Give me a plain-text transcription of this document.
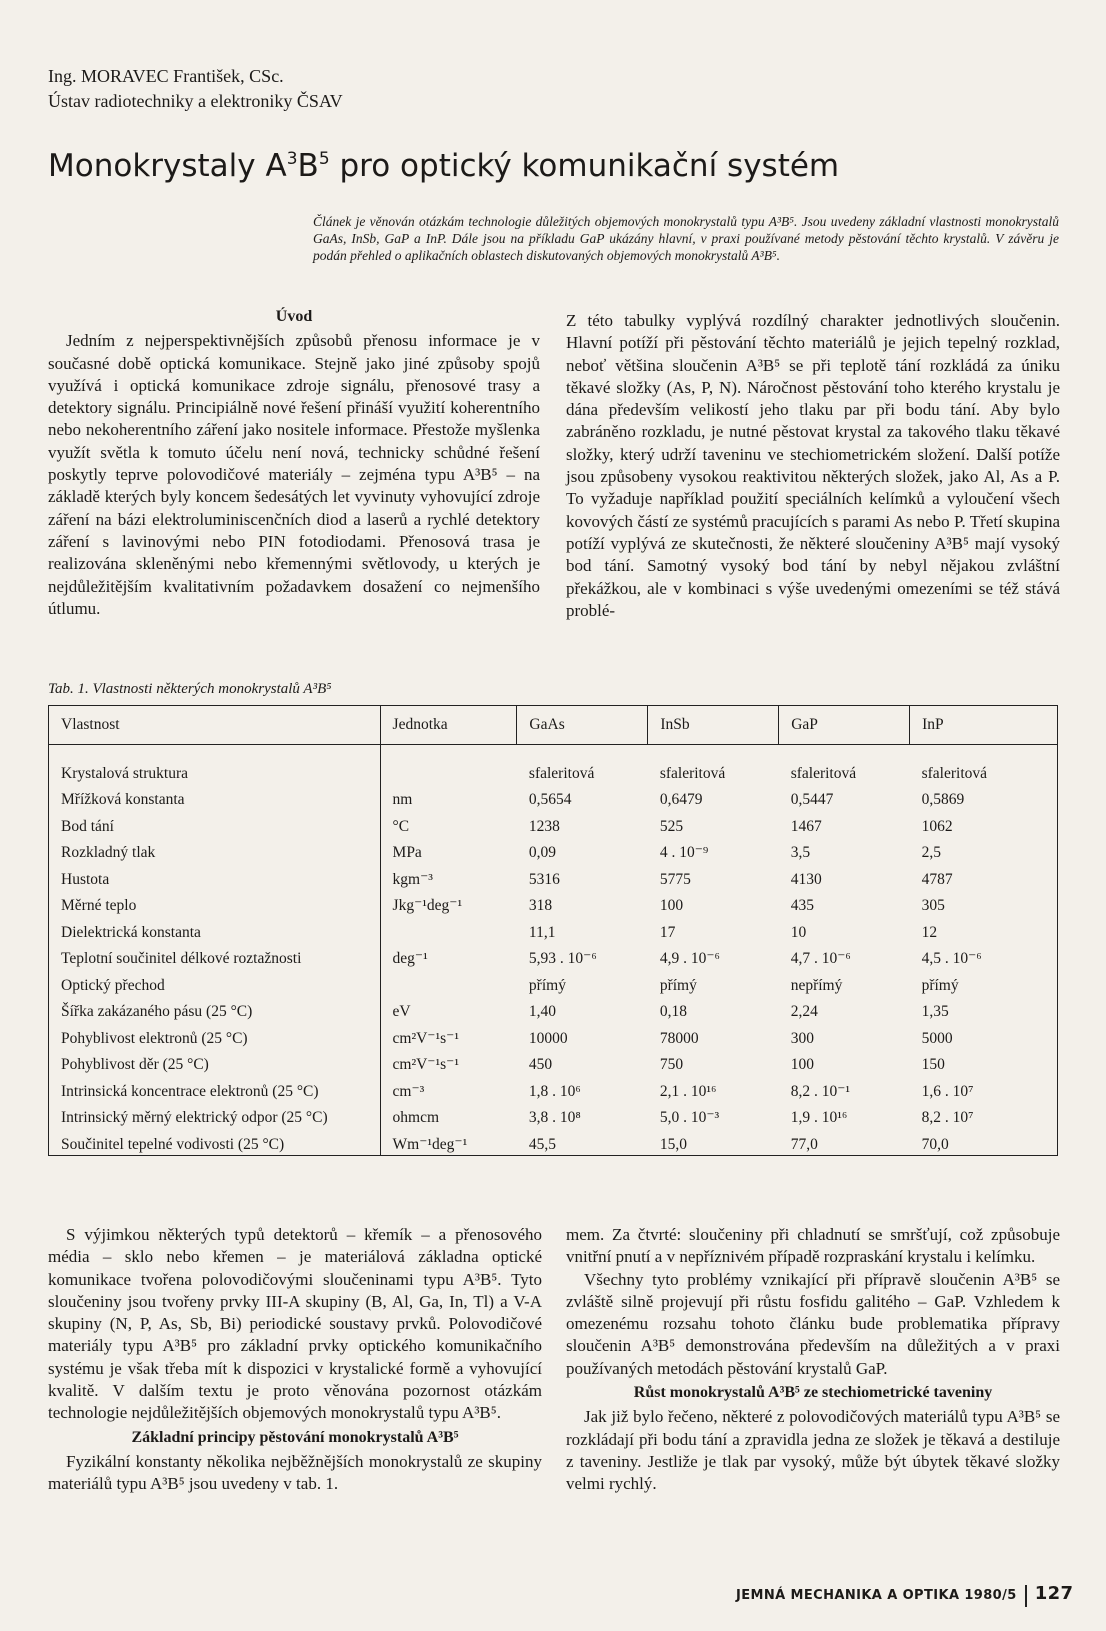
Ing. MORAVEC František, CSc.
Ústav radiotechniky a elektroniky ČSAV
Monokrystaly $A^3B^5$ pro optický komunikační systém
Článek je věnován otázkám technologie důležitých objemových monokrystalů typu A³B⁵. Jsou uvedeny základní vlastnosti monokrystalů GaAs, InSb, GaP a InP. Dále jsou na příkladu GaP ukázány hlavní, v praxi používané metody pěstování těchto krystalů. V závěru je podán přehled o aplikačních oblastech diskutovaných objemových monokrystalů A³B⁵.
Úvod

Jedním z nejperspektivnějších způsobů přenosu informace je v současné době optická komunikace. Stejně jako jiné způsoby spojů využívá i optická komunikace zdroje signálu, přenosové trasy a detektory signálu. Principiálně nové řešení přináší využití koherentního nebo nekoherentního záření jako nositele informace. Přestože myšlenka využít světla k tomuto účelu není nová, technicky schůdné řešení poskytly teprve polovodičové materiály – zejména typu A³B⁵ – na základě kterých byly koncem šedesátých let vyvinuty vyhovující zdroje záření na bázi elektroluminiscenčních diod a laserů a rychlé detektory záření s lavinovými nebo PIN fotodiodami. Přenosová trasa je realizována skleněnými nebo křemennými světlovody, u kterých je nejdůležitějším kvalitativním požadavkem dosažení co nejmenšího útlumu.

Z této tabulky vyplývá rozdílný charakter jednotlivých sloučenin. Hlavní potíží při pěstování těchto materiálů je jejich tepelný rozklad, neboť většina sloučenin A³B⁵ se při teplotě tání rozkládá za úniku těkavé složky (As, P, N). Náročnost pěstování toho kterého krystalu je dána především velikostí jeho tlaku par při bodu tání. Aby bylo zabráněno rozkladu, je nutné pěstovat krystal za takového tlaku těkavé složky, který udrží taveninu ve stechiometrickém složení. Další potíže jsou způsobeny vysokou reaktivitou některých složek, jako Al, As a P. To vyžaduje například použití speciálních kelímků a vyloučení všech kovových částí ze systémů pracujících s parami As nebo P. Třetí skupina potíží vyplývá ze skutečnosti, že některé sloučeniny A³B⁵ mají vysoký bod tání. Samotný vysoký bod tání by nebyl nějakou zvláštní překážkou, ale v kombinaci s výše uvedenými omezeními se též stává problé-

Tab. 1. Vlastnosti některých monokrystalů A³B⁵
Vlastnost	Jednotka	GaAs	InSb	GaP	InP

Krystalová struktura		sfaleritová	sfaleritová	sfaleritová	sfaleritová
Mřížková konstanta	nm	0,5654	0,6479	0,5447	0,5869
Bod tání	°C	1238	525	1467	1062
Rozkladný tlak	MPa	0,09	4 . 10⁻⁹	3,5	2,5
Hustota	kgm⁻³	5316	5775	4130	4787
Měrné teplo	Jkg⁻¹deg⁻¹	318	100	435	305
Dielektrická konstanta		11,1	17	10	12
Teplotní součinitel délkové roztažnosti	deg⁻¹	5,93 . 10⁻⁶	4,9 . 10⁻⁶	4,7 . 10⁻⁶	4,5 . 10⁻⁶
Optický přechod		přímý	přímý	nepřímý	přímý
Šířka zakázaného pásu (25 °C)	eV	1,40	0,18	2,24	1,35
Pohyblivost elektronů (25 °C)	cm²V⁻¹s⁻¹	10000	78000	300	5000
Pohyblivost děr (25 °C)	cm²V⁻¹s⁻¹	450	750	100	150
Intrinsická koncentrace elektronů (25 °C)	cm⁻³	1,8 . 10⁶	2,1 . 10¹⁶	8,2 . 10⁻¹	1,6 . 10⁷
Intrinsický měrný elektrický odpor (25 °C)	ohmcm	3,8 . 10⁸	5,0 . 10⁻³	1,9 . 10¹⁶	8,2 . 10⁷
Součinitel tepelné vodivosti (25 °C)	Wm⁻¹deg⁻¹	45,5	15,0	77,0	70,0

S výjimkou některých typů detektorů – křemík – a přenosového média – sklo nebo křemen – je materiálová základna optické komunikace tvořena polovodičovými sloučeninami typu A³B⁵. Tyto sloučeniny jsou tvořeny prvky III-A skupiny (B, Al, Ga, In, Tl) a V-A skupiny (N, P, As, Sb, Bi) periodické soustavy prvků. Polovodičové materiály typu A³B⁵ pro základní prvky optického komunikačního systému je však třeba mít k dispozici v krystalické formě a vyhovující kvalitě. V dalším textu je proto věnována pozornost otázkám technologie nejdůležitějších objemových monokrystalů typu A³B⁵.

Základní principy pěstování monokrystalů A³B⁵

Fyzikální konstanty několika nejběžnějších monokrystalů ze skupiny materiálů typu A³B⁵ jsou uvedeny v tab. 1.

mem. Za čtvrté: sloučeniny při chladnutí se smršťují, což způsobuje vnitřní pnutí a v nepříznivém případě rozpraskání krystalu i kelímku.

Všechny tyto problémy vznikající při přípravě sloučenin A³B⁵ se zvláště silně projevují při růstu fosfidu galitého – GaP. Vzhledem k omezenému rozsahu tohoto článku bude problematika přípravy sloučenin A³B⁵ demonstrována především na důležitých a v praxi používaných metodách pěstování krystalů GaP.

Růst monokrystalů A³B⁵ ze stechiometrické taveniny

Jak již bylo řečeno, některé z polovodičových materiálů typu A³B⁵ se rozkládají při bodu tání a zpravidla jedna ze složek je těkavá a destiluje z taveniny. Jestliže je tlak par vysoký, může být úbytek těkavé složky velmi rychlý.

JEMNÁ MECHANIKA A OPTIKA 1980/5 127
